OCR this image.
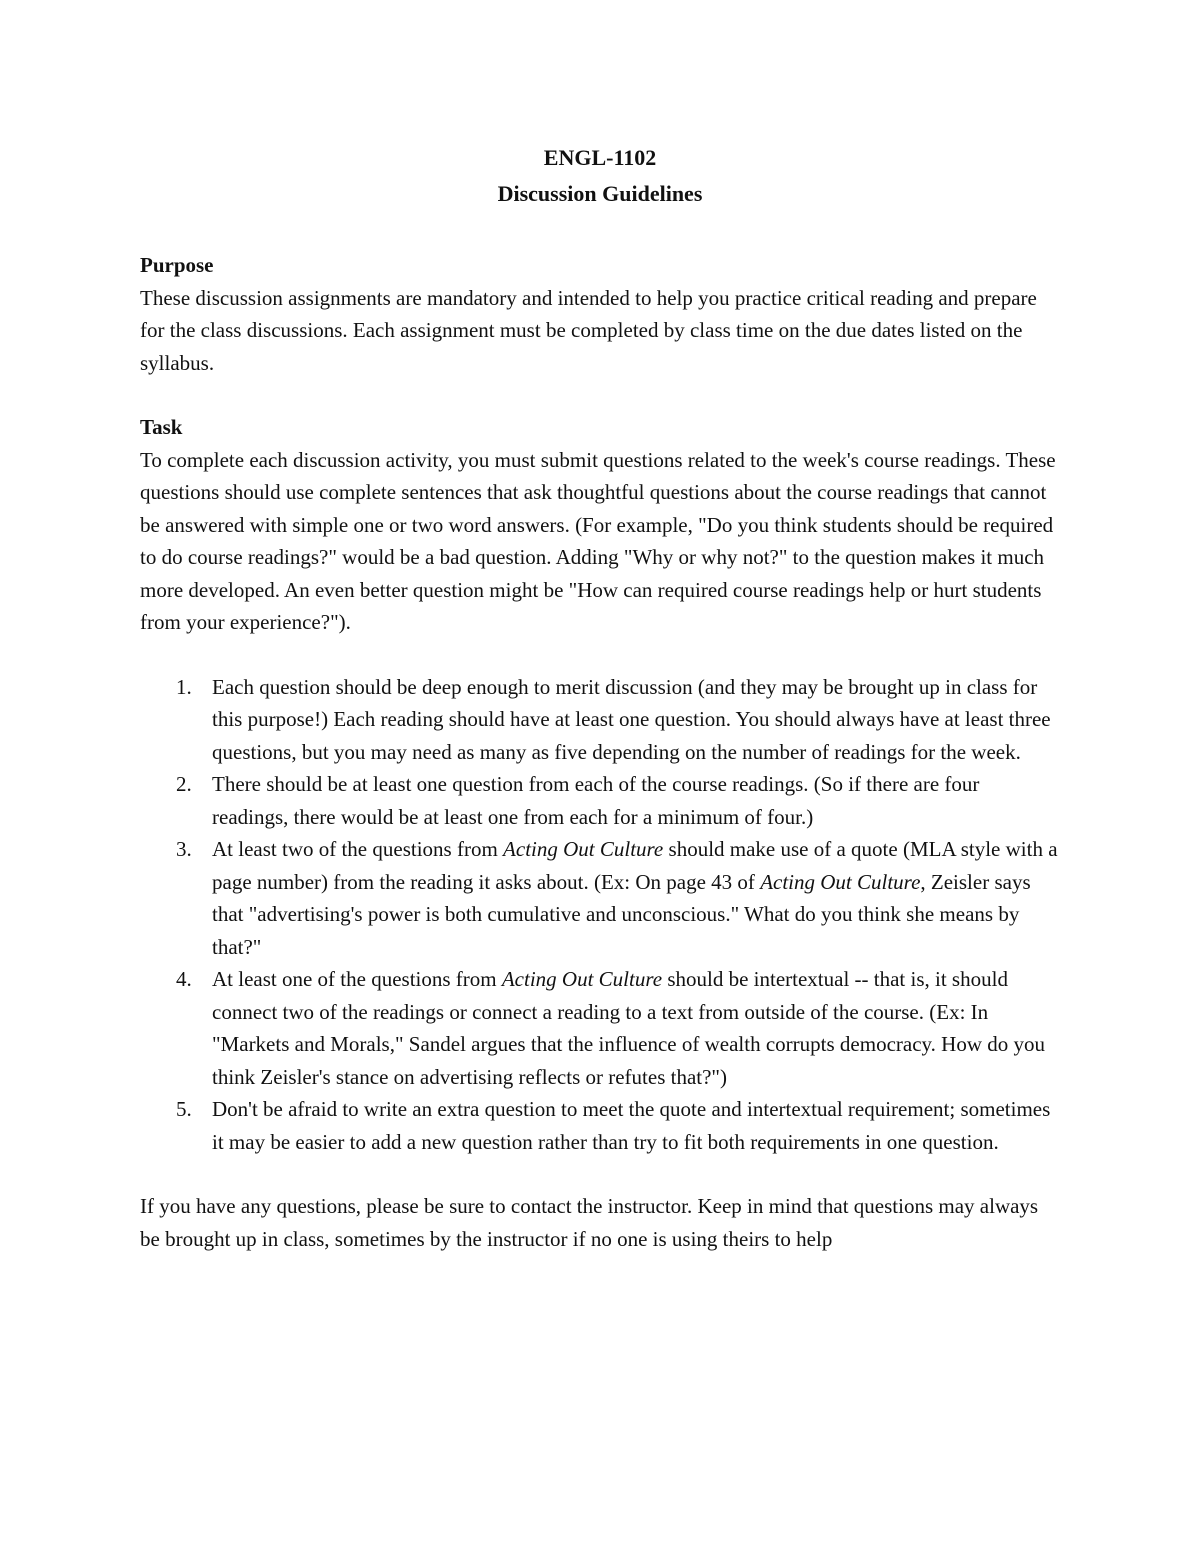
ENGL-1102
Discussion Guidelines

Purpose

These discussion assignments are mandatory and intended to help you practice critical reading and prepare for the class discussions. Each assignment must be completed by class time on the due dates listed on the syllabus.

Task

To complete each discussion activity, you must submit questions related to the week's course readings. These questions should use complete sentences that ask thoughtful questions about the course readings that cannot be answered with simple one or two word answers. (For example, "Do you think students should be required to do course readings?" would be a bad question. Adding "Why or why not?" to the question makes it much more developed. An even better question might be "How can required course readings help or hurt students from your experience?").

1. Each question should be deep enough to merit discussion (and they may be brought up in class for this purpose!) Each reading should have at least one question. You should always have at least three questions, but you may need as many as five depending on the number of readings for the week.
2. There should be at least one question from each of the course readings. (So if there are four readings, there would be at least one from each for a minimum of four.)
3. At least two of the questions from Acting Out Culture should make use of a quote (MLA style with a page number) from the reading it asks about. (Ex: On page 43 of Acting Out Culture, Zeisler says that "advertising's power is both cumulative and unconscious." What do you think she means by that?"
4. At least one of the questions from Acting Out Culture should be intertextual -- that is, it should connect two of the readings or connect a reading to a text from outside of the course. (Ex: In "Markets and Morals," Sandel argues that the influence of wealth corrupts democracy. How do you think Zeisler's stance on advertising reflects or refutes that?")
5. Don't be afraid to write an extra question to meet the quote and intertextual requirement; sometimes it may be easier to add a new question rather than try to fit both requirements in one question.

If you have any questions, please be sure to contact the instructor. Keep in mind that questions may always be brought up in class, sometimes by the instructor if no one is using theirs to help
